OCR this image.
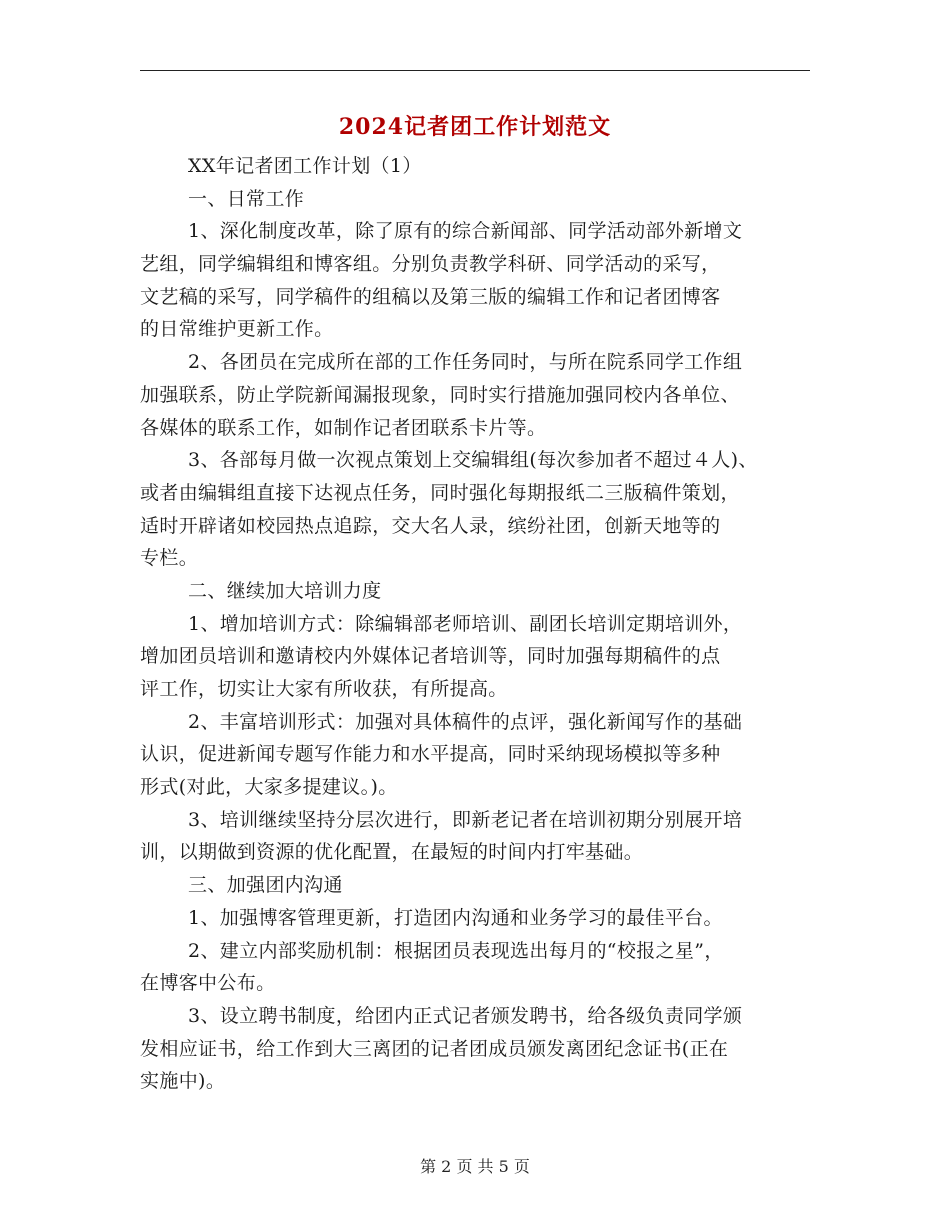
2024记者团工作计划范文
XX年记者团工作计划（1）
一、日常工作
1、深化制度改革，除了原有的综合新闻部、同学活动部外新增文
艺组，同学编辑组和博客组。分别负责教学科研、同学活动的采写，
文艺稿的采写，同学稿件的组稿以及第三版的编辑工作和记者团博客
的日常维护更新工作。
2、各团员在完成所在部的工作任务同时，与所在院系同学工作组
加强联系，防止学院新闻漏报现象，同时实行措施加强同校内各单位、
各媒体的联系工作，如制作记者团联系卡片等。
3、各部每月做一次视点策划上交编辑组(每次参加者不超过４人)、
或者由编辑组直接下达视点任务，同时强化每期报纸二三版稿件策划，
适时开辟诸如校园热点追踪，交大名人录，缤纷社团，创新天地等的
专栏。
二、继续加大培训力度
1、增加培训方式：除编辑部老师培训、副团长培训定期培训外，
增加团员培训和邀请校内外媒体记者培训等，同时加强每期稿件的点
评工作，切实让大家有所收获，有所提高。
2、丰富培训形式：加强对具体稿件的点评，强化新闻写作的基础
认识，促进新闻专题写作能力和水平提高，同时采纳现场模拟等多种
形式(对此，大家多提建议。)。
3、培训继续坚持分层次进行，即新老记者在培训初期分别展开培
训，以期做到资源的优化配置，在最短的时间内打牢基础。
三、加强团内沟通
1、加强博客管理更新，打造团内沟通和业务学习的最佳平台。
2、建立内部奖励机制：根据团员表现选出每月的“校报之星”，
在博客中公布。
3、设立聘书制度，给团内正式记者颁发聘书，给各级负责同学颁
发相应证书，给工作到大三离团的记者团成员颁发离团纪念证书(正在
实施中)。
第 2 页 共 5 页
